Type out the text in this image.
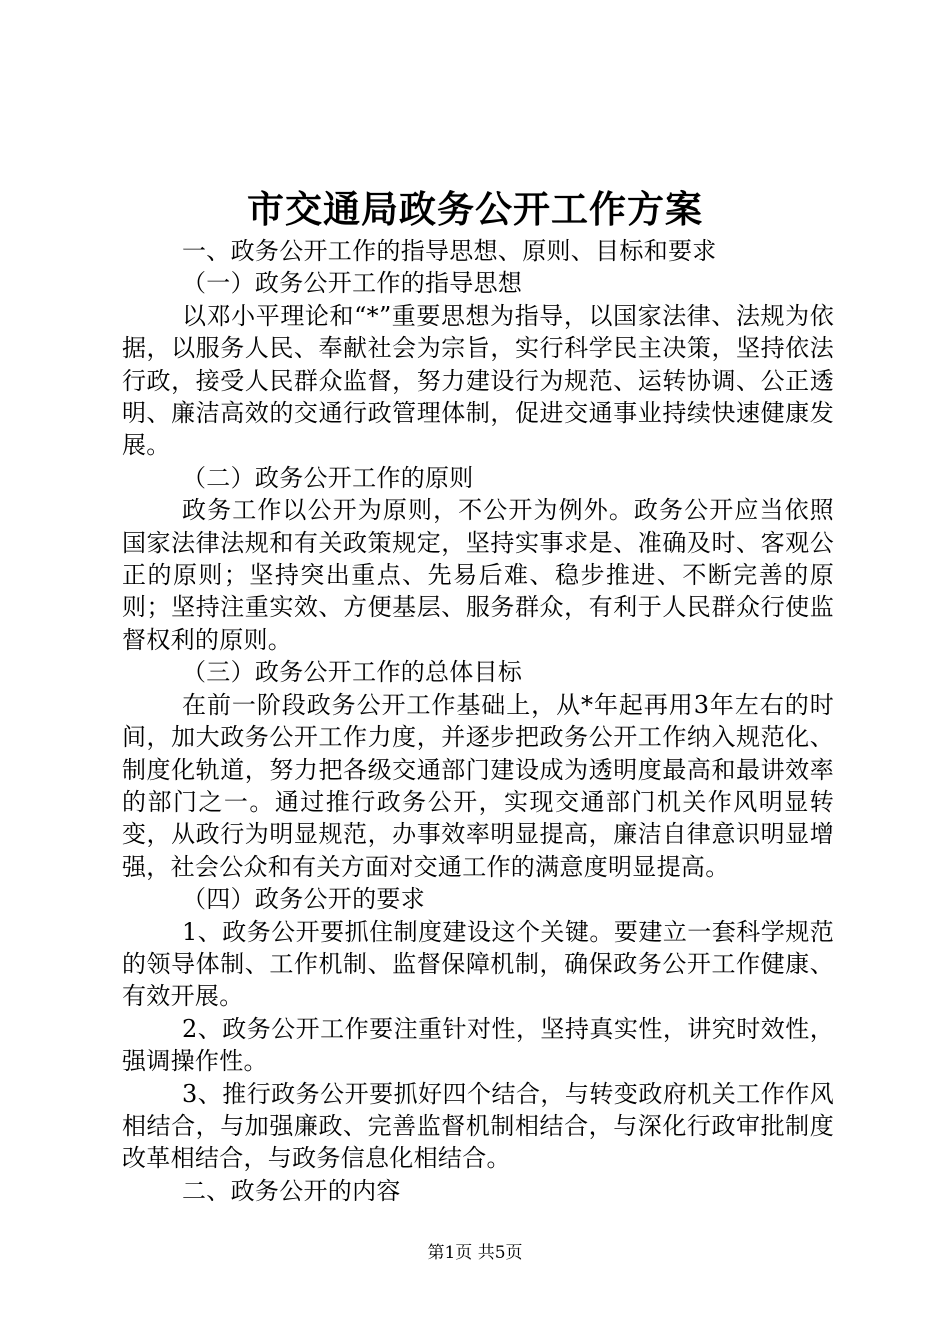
市交通局政务公开工作方案

一、政务公开工作的指导思想、原则、目标和要求

（一）政务公开工作的指导思想

以邓小平理论和“*”重要思想为指导，以国家法律、法规为依据，以服务人民、奉献社会为宗旨，实行科学民主决策，坚持依法行政，接受人民群众监督，努力建设行为规范、运转协调、公正透明、廉洁高效的交通行政管理体制，促进交通事业持续快速健康发展。

（二）政务公开工作的原则

政务工作以公开为原则，不公开为例外。政务公开应当依照国家法律法规和有关政策规定，坚持实事求是、准确及时、客观公正的原则；坚持突出重点、先易后难、稳步推进、不断完善的原则；坚持注重实效、方便基层、服务群众，有利于人民群众行使监督权利的原则。

（三）政务公开工作的总体目标

在前一阶段政务公开工作基础上，从*年起再用3年左右的时间，加大政务公开工作力度，并逐步把政务公开工作纳入规范化、制度化轨道，努力把各级交通部门建设成为透明度最高和最讲效率的部门之一。通过推行政务公开，实现交通部门机关作风明显转变，从政行为明显规范，办事效率明显提高，廉洁自律意识明显增强，社会公众和有关方面对交通工作的满意度明显提高。

（四）政务公开的要求

1、政务公开要抓住制度建设这个关键。要建立一套科学规范的领导体制、工作机制、监督保障机制，确保政务公开工作健康、有效开展。

2、政务公开工作要注重针对性，坚持真实性，讲究时效性，强调操作性。

3、推行政务公开要抓好四个结合，与转变政府机关工作作风相结合，与加强廉政、完善监督机制相结合，与深化行政审批制度改革相结合，与政务信息化相结合。

二、政务公开的内容

第1页 共5页
